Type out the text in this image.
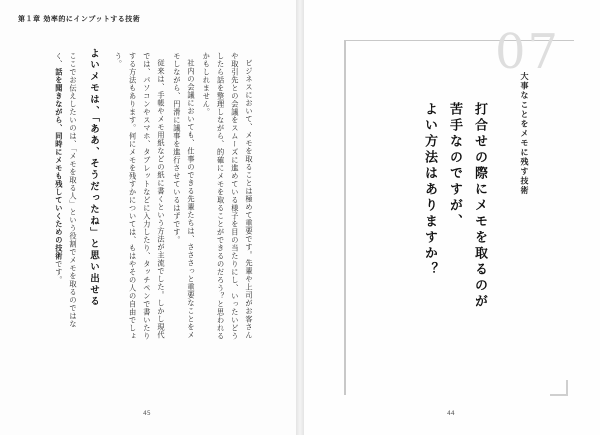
第１章 効率的にインプットする技術

ビジネスにおいて、メモを取ることは極めて重要です。先輩や上司がお客さんや取引先との会議をスムーズに進めている様子を目の当たりにし、いったいどうしたら話を整理しながら、的確にメモを取ることができるのだろう？と思われるかもしれません。

社内の会議においても、仕事のできる先輩たちは、さささっと重要なことをメモしながら、円滑に議事を進行させているはずです。

従来は、手帳やメモ用紙などの紙に書くという方法が主流でした。しかし現代では、パソコンやスマホ、タブレットなどに入力したり、タッチペンで書いたりする方法もあります。何にメモを残すかについては、もはやその人の自由でしょう。

よいメモは、「ああ、そうだったね」と思い出せる
ここでお伝えしたいのは、「メモを取る人」という役割でメモを取るのではなく、話を聞きながら、同時にメモも残していくための技術です。
45	44
07
大事なことをメモに残す技術
打合せの際にメモを取るのが
苦手なのですが、
よい方法はありますか？
